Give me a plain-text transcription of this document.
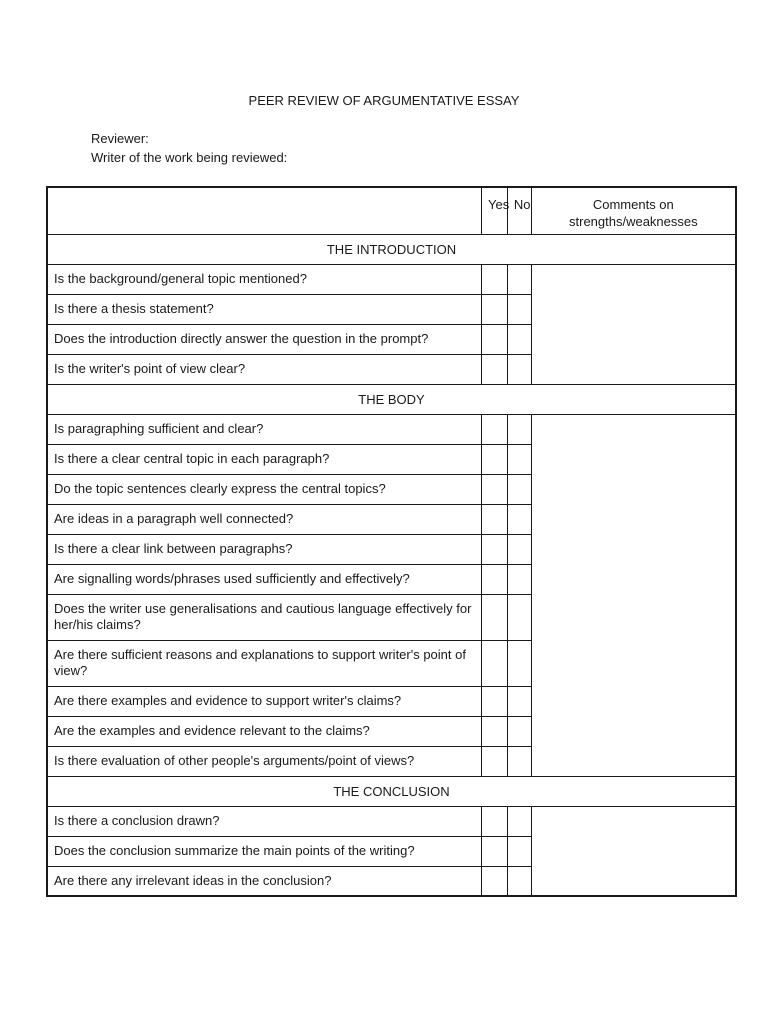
PEER REVIEW OF ARGUMENTATIVE ESSAY
Reviewer:
Writer of the work being reviewed:
	Yes	No	Comments on strengths/weaknesses
THE INTRODUCTION			
Is the background/general topic mentioned?			
Is there a thesis statement?			
Does the introduction directly answer the question in the prompt?			
Is the writer's point of view clear?			
THE BODY			
Is paragraphing sufficient and clear?			
Is there a clear central topic in each paragraph?			
Do the topic sentences clearly express the central topics?			
Are ideas in a paragraph well connected?			
Is there a clear link between paragraphs?			
Are signalling words/phrases used sufficiently and effectively?			
Does the writer use generalisations and cautious language effectively for her/his claims?			
Are there sufficient reasons and explanations to support writer's point of view?			
Are there examples and evidence to support writer's claims?			
Are the examples and evidence relevant to the claims?			
Is there evaluation of other people's arguments/point of views?			
THE CONCLUSION			
Is there a conclusion drawn?			
Does the conclusion summarize the main points of the writing?			
Are there any irrelevant ideas in the conclusion?			
